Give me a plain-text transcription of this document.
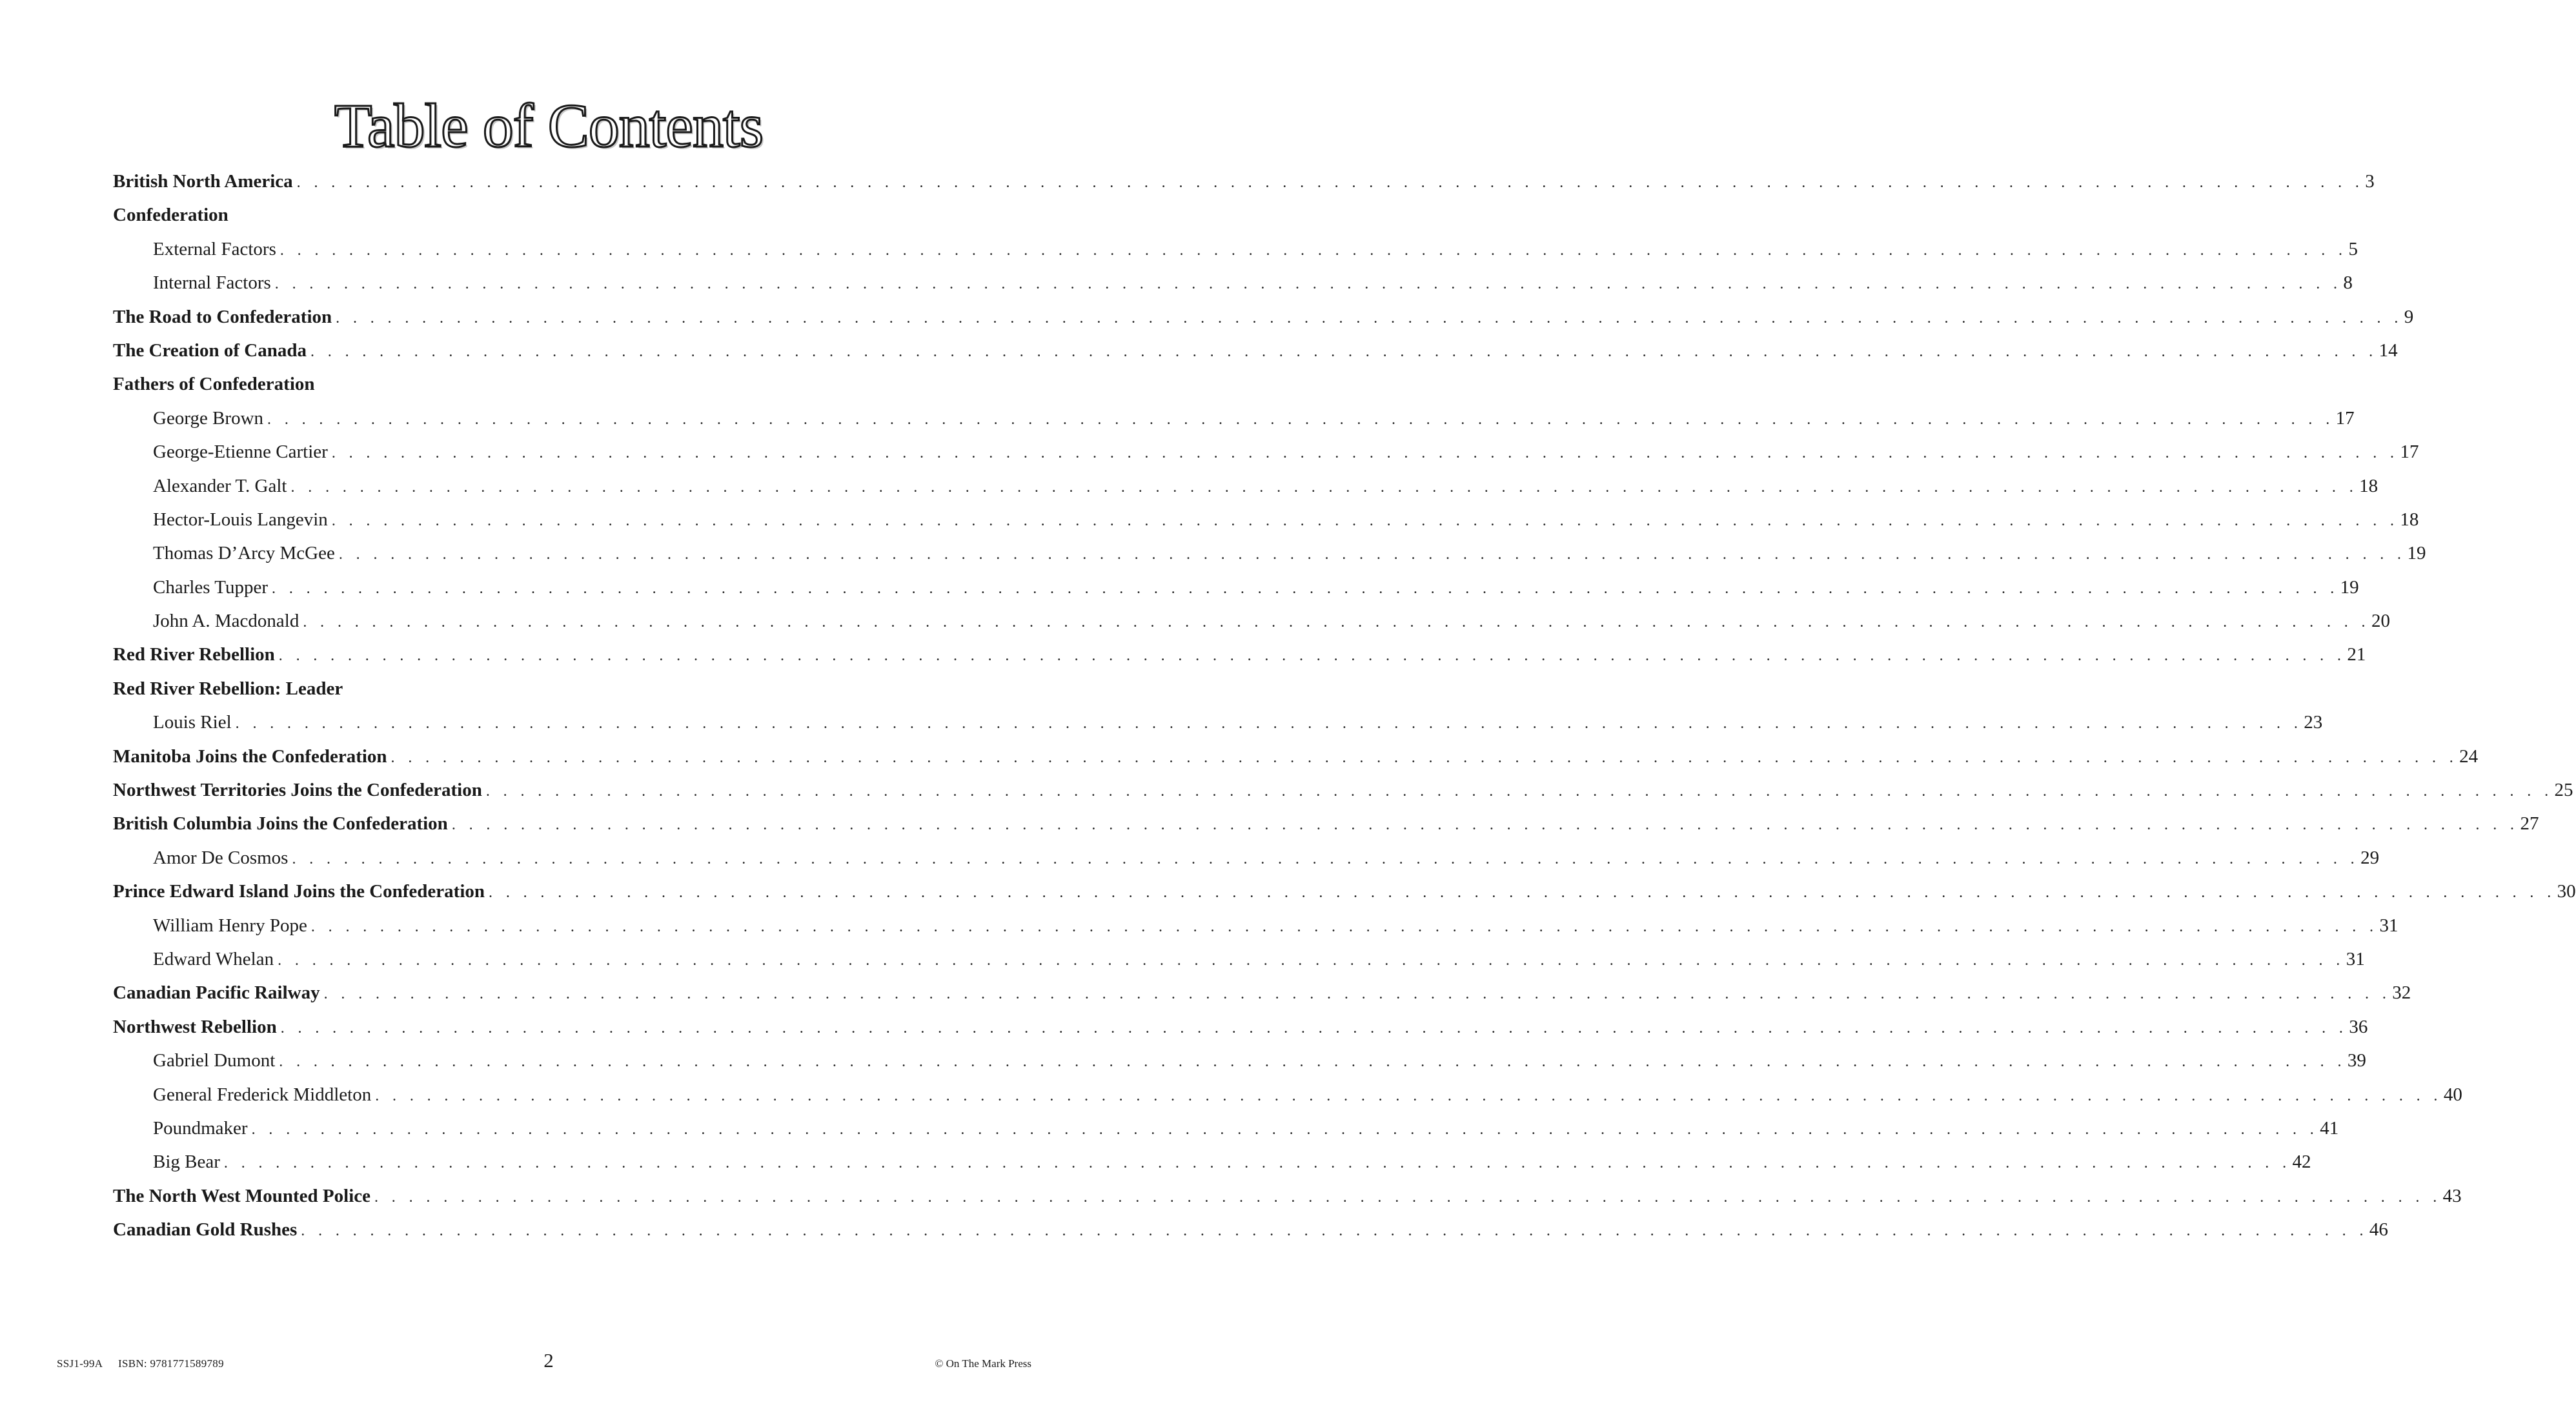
Table of Contents
British North America . . . . . . . . . . . . . . . . . . . . . . . . . . . . . . . . . . . . . . . . . . . . . . . . . . . . . . . . . . . . . . . . . . . . . . . . . . . . . . . . . . . . . . . . . . . . . . . . . . . . . . . . . . . . . . . . . . . . . . . . 3
Confederation
External Factors . . . . . . . . . . . . . . . . . . . . . . . . . . . . . . . . . . . . . . . . . . . . . . . . . . . . . . . . . . . . . . . . . . . . . . . . . . . . . . . . . . . . . . . . . . . . . . . . . . . . . . . . . . . . . . . . . . . . . . . . 5
Internal Factors . . . . . . . . . . . . . . . . . . . . . . . . . . . . . . . . . . . . . . . . . . . . . . . . . . . . . . . . . . . . . . . . . . . . . . . . . . . . . . . . . . . . . . . . . . . . . . . . . . . . . . . . . . . . . . . . . . . . . . . . 8
The Road to Confederation . . . . . . . . . . . . . . . . . . . . . . . . . . . . . . . . . . . . . . . . . . . . . . . . . . . . . . . . . . . . . . . . . . . . . . . . . . . . . . . . . . . . . . . . . . . . . . . . . . . . . . . . . . . . . . . . . . . . . . . . 9
The Creation of Canada . . . . . . . . . . . . . . . . . . . . . . . . . . . . . . . . . . . . . . . . . . . . . . . . . . . . . . . . . . . . . . . . . . . . . . . . . . . . . . . . . . . . . . . . . . . . . . . . . . . . . . . . . . . . . . . . . . . . . . . . 14
Fathers of Confederation
George Brown . . . . . . . . . . . . . . . . . . . . . . . . . . . . . . . . . . . . . . . . . . . . . . . . . . . . . . . . . . . . . . . . . . . . . . . . . . . . . . . . . . . . . . . . . . . . . . . . . . . . . . . . . . . . . . . . . . . . . . . . 17
George-Etienne Cartier . . . . . . . . . . . . . . . . . . . . . . . . . . . . . . . . . . . . . . . . . . . . . . . . . . . . . . . . . . . . . . . . . . . . . . . . . . . . . . . . . . . . . . . . . . . . . . . . . . . . . . . . . . . . . . . . . . . . . . . . 17
Alexander T. Galt . . . . . . . . . . . . . . . . . . . . . . . . . . . . . . . . . . . . . . . . . . . . . . . . . . . . . . . . . . . . . . . . . . . . . . . . . . . . . . . . . . . . . . . . . . . . . . . . . . . . . . . . . . . . . . . . . . . . . . . . 18
Hector-Louis Langevin . . . . . . . . . . . . . . . . . . . . . . . . . . . . . . . . . . . . . . . . . . . . . . . . . . . . . . . . . . . . . . . . . . . . . . . . . . . . . . . . . . . . . . . . . . . . . . . . . . . . . . . . . . . . . . . . . . . . . . . . 18
Thomas D’Arcy McGee . . . . . . . . . . . . . . . . . . . . . . . . . . . . . . . . . . . . . . . . . . . . . . . . . . . . . . . . . . . . . . . . . . . . . . . . . . . . . . . . . . . . . . . . . . . . . . . . . . . . . . . . . . . . . . . . . . . . . . . . 19
Charles Tupper . . . . . . . . . . . . . . . . . . . . . . . . . . . . . . . . . . . . . . . . . . . . . . . . . . . . . . . . . . . . . . . . . . . . . . . . . . . . . . . . . . . . . . . . . . . . . . . . . . . . . . . . . . . . . . . . . . . . . . . . 19
John A. Macdonald . . . . . . . . . . . . . . . . . . . . . . . . . . . . . . . . . . . . . . . . . . . . . . . . . . . . . . . . . . . . . . . . . . . . . . . . . . . . . . . . . . . . . . . . . . . . . . . . . . . . . . . . . . . . . . . . . . . . . . . . 20
Red River Rebellion . . . . . . . . . . . . . . . . . . . . . . . . . . . . . . . . . . . . . . . . . . . . . . . . . . . . . . . . . . . . . . . . . . . . . . . . . . . . . . . . . . . . . . . . . . . . . . . . . . . . . . . . . . . . . . . . . . . . . . . . 21
Red River Rebellion: Leader
Louis Riel . . . . . . . . . . . . . . . . . . . . . . . . . . . . . . . . . . . . . . . . . . . . . . . . . . . . . . . . . . . . . . . . . . . . . . . . . . . . . . . . . . . . . . . . . . . . . . . . . . . . . . . . . . . . . . . . . . . . . . . . 23
Manitoba Joins the Confederation . . . . . . . . . . . . . . . . . . . . . . . . . . . . . . . . . . . . . . . . . . . . . . . . . . . . . . . . . . . . . . . . . . . . . . . . . . . . . . . . . . . . . . . . . . . . . . . . . . . . . . . . . . . . . . . . . . . . . . . . 24
Northwest Territories Joins the Confederation . . . . . . . . . . . . . . . . . . . . . . . . . . . . . . . . . . . . . . . . . . . . . . . . . . . . . . . . . . . . . . . . . . . . . . . . . . . . . . . . . . . . . . . . . . . . . . . . . . . . . . . . . . . . . . . . . . . . . . . . 25
British Columbia Joins the Confederation . . . . . . . . . . . . . . . . . . . . . . . . . . . . . . . . . . . . . . . . . . . . . . . . . . . . . . . . . . . . . . . . . . . . . . . . . . . . . . . . . . . . . . . . . . . . . . . . . . . . . . . . . . . . . . . . . . . . . . . . 27
Amor De Cosmos . . . . . . . . . . . . . . . . . . . . . . . . . . . . . . . . . . . . . . . . . . . . . . . . . . . . . . . . . . . . . . . . . . . . . . . . . . . . . . . . . . . . . . . . . . . . . . . . . . . . . . . . . . . . . . . . . . . . . . . . 29
Prince Edward Island Joins the Confederation . . . . . . . . . . . . . . . . . . . . . . . . . . . . . . . . . . . . . . . . . . . . . . . . . . . . . . . . . . . . . . . . . . . . . . . . . . . . . . . . . . . . . . . . . . . . . . . . . . . . . . . . . . . . . . . . . . . . . . . . 30
William Henry Pope . . . . . . . . . . . . . . . . . . . . . . . . . . . . . . . . . . . . . . . . . . . . . . . . . . . . . . . . . . . . . . . . . . . . . . . . . . . . . . . . . . . . . . . . . . . . . . . . . . . . . . . . . . . . . . . . . . . . . . . . 31
Edward Whelan . . . . . . . . . . . . . . . . . . . . . . . . . . . . . . . . . . . . . . . . . . . . . . . . . . . . . . . . . . . . . . . . . . . . . . . . . . . . . . . . . . . . . . . . . . . . . . . . . . . . . . . . . . . . . . . . . . . . . . . . 31
Canadian Pacific Railway . . . . . . . . . . . . . . . . . . . . . . . . . . . . . . . . . . . . . . . . . . . . . . . . . . . . . . . . . . . . . . . . . . . . . . . . . . . . . . . . . . . . . . . . . . . . . . . . . . . . . . . . . . . . . . . . . . . . . . . . 32
Northwest Rebellion . . . . . . . . . . . . . . . . . . . . . . . . . . . . . . . . . . . . . . . . . . . . . . . . . . . . . . . . . . . . . . . . . . . . . . . . . . . . . . . . . . . . . . . . . . . . . . . . . . . . . . . . . . . . . . . . . . . . . . . . 36
Gabriel Dumont . . . . . . . . . . . . . . . . . . . . . . . . . . . . . . . . . . . . . . . . . . . . . . . . . . . . . . . . . . . . . . . . . . . . . . . . . . . . . . . . . . . . . . . . . . . . . . . . . . . . . . . . . . . . . . . . . . . . . . . . 39
General Frederick Middleton . . . . . . . . . . . . . . . . . . . . . . . . . . . . . . . . . . . . . . . . . . . . . . . . . . . . . . . . . . . . . . . . . . . . . . . . . . . . . . . . . . . . . . . . . . . . . . . . . . . . . . . . . . . . . . . . . . . . . . . . 40
Poundmaker . . . . . . . . . . . . . . . . . . . . . . . . . . . . . . . . . . . . . . . . . . . . . . . . . . . . . . . . . . . . . . . . . . . . . . . . . . . . . . . . . . . . . . . . . . . . . . . . . . . . . . . . . . . . . . . . . . . . . . . . 41
Big Bear . . . . . . . . . . . . . . . . . . . . . . . . . . . . . . . . . . . . . . . . . . . . . . . . . . . . . . . . . . . . . . . . . . . . . . . . . . . . . . . . . . . . . . . . . . . . . . . . . . . . . . . . . . . . . . . . . . . . . . . . 42
The North West Mounted Police . . . . . . . . . . . . . . . . . . . . . . . . . . . . . . . . . . . . . . . . . . . . . . . . . . . . . . . . . . . . . . . . . . . . . . . . . . . . . . . . . . . . . . . . . . . . . . . . . . . . . . . . . . . . . . . . . . . . . . . . 43
Canadian Gold Rushes . . . . . . . . . . . . . . . . . . . . . . . . . . . . . . . . . . . . . . . . . . . . . . . . . . . . . . . . . . . . . . . . . . . . . . . . . . . . . . . . . . . . . . . . . . . . . . . . . . . . . . . . . . . . . . . . . . . . . . . . 46
SSJ1-99A ISBN: 9781771589789	2	© On The Mark Press
